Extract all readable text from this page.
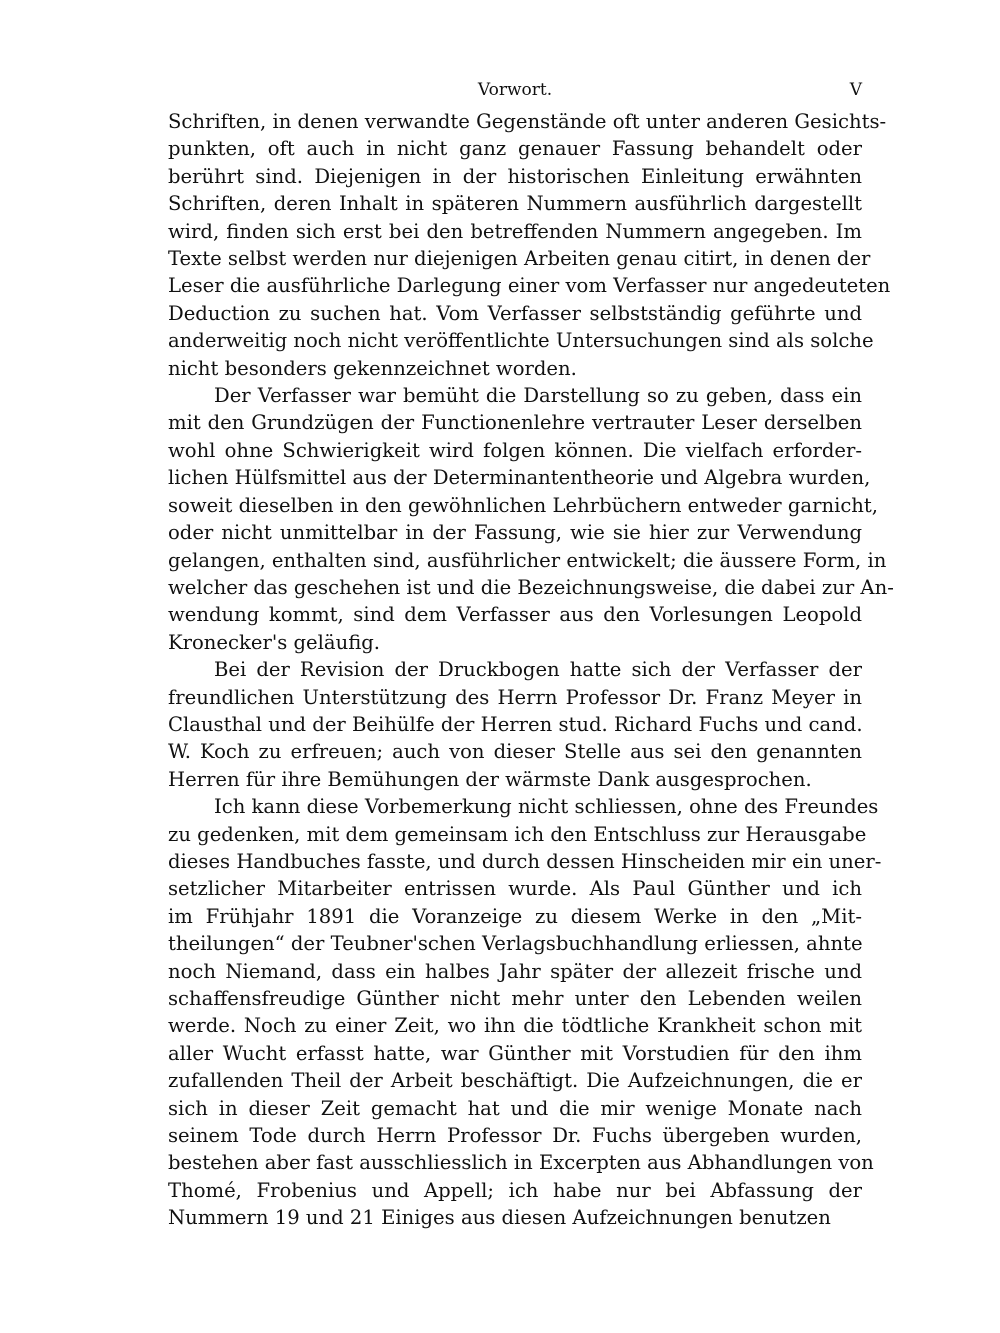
Vorwort.	V
Schriften, in denen verwandte Gegenstände oft unter anderen Gesichts-
punkten, oft auch in nicht ganz genauer Fassung behandelt oder
berührt sind. Diejenigen in der historischen Einleitung erwähnten
Schriften, deren Inhalt in späteren Nummern ausführlich dargestellt
wird, finden sich erst bei den betreffenden Nummern angegeben. Im
Texte selbst werden nur diejenigen Arbeiten genau citirt, in denen der
Leser die ausführliche Darlegung einer vom Verfasser nur angedeuteten
Deduction zu suchen hat. Vom Verfasser selbstständig geführte und
anderweitig noch nicht veröffentlichte Untersuchungen sind als solche
nicht besonders gekennzeichnet worden.
Der Verfasser war bemüht die Darstellung so zu geben, dass ein
mit den Grundzügen der Functionenlehre vertrauter Leser derselben
wohl ohne Schwierigkeit wird folgen können. Die vielfach erforder-
lichen Hülfsmittel aus der Determinantentheorie und Algebra wurden,
soweit dieselben in den gewöhnlichen Lehrbüchern entweder garnicht,
oder nicht unmittelbar in der Fassung, wie sie hier zur Verwendung
gelangen, enthalten sind, ausführlicher entwickelt; die äussere Form, in
welcher das geschehen ist und die Bezeichnungsweise, die dabei zur An-
wendung kommt, sind dem Verfasser aus den Vorlesungen Leopold
Kronecker's geläufig.
Bei der Revision der Druckbogen hatte sich der Verfasser der
freundlichen Unterstützung des Herrn Professor Dr. Franz Meyer in
Clausthal und der Beihülfe der Herren stud. Richard Fuchs und cand.
W. Koch zu erfreuen; auch von dieser Stelle aus sei den genannten
Herren für ihre Bemühungen der wärmste Dank ausgesprochen.
Ich kann diese Vorbemerkung nicht schliessen, ohne des Freundes
zu gedenken, mit dem gemeinsam ich den Entschluss zur Herausgabe
dieses Handbuches fasste, und durch dessen Hinscheiden mir ein uner-
setzlicher Mitarbeiter entrissen wurde. Als Paul Günther und ich
im Frühjahr 1891 die Voranzeige zu diesem Werke in den „Mit-
theilungen“ der Teubner'schen Verlagsbuchhandlung erliessen, ahnte
noch Niemand, dass ein halbes Jahr später der allezeit frische und
schaffensfreudige Günther nicht mehr unter den Lebenden weilen
werde. Noch zu einer Zeit, wo ihn die tödtliche Krankheit schon mit
aller Wucht erfasst hatte, war Günther mit Vorstudien für den ihm
zufallenden Theil der Arbeit beschäftigt. Die Aufzeichnungen, die er
sich in dieser Zeit gemacht hat und die mir wenige Monate nach
seinem Tode durch Herrn Professor Dr. Fuchs übergeben wurden,
bestehen aber fast ausschliesslich in Excerpten aus Abhandlungen von
Thomé, Frobenius und Appell; ich habe nur bei Abfassung der
Nummern 19 und 21 Einiges aus diesen Aufzeichnungen benutzen
